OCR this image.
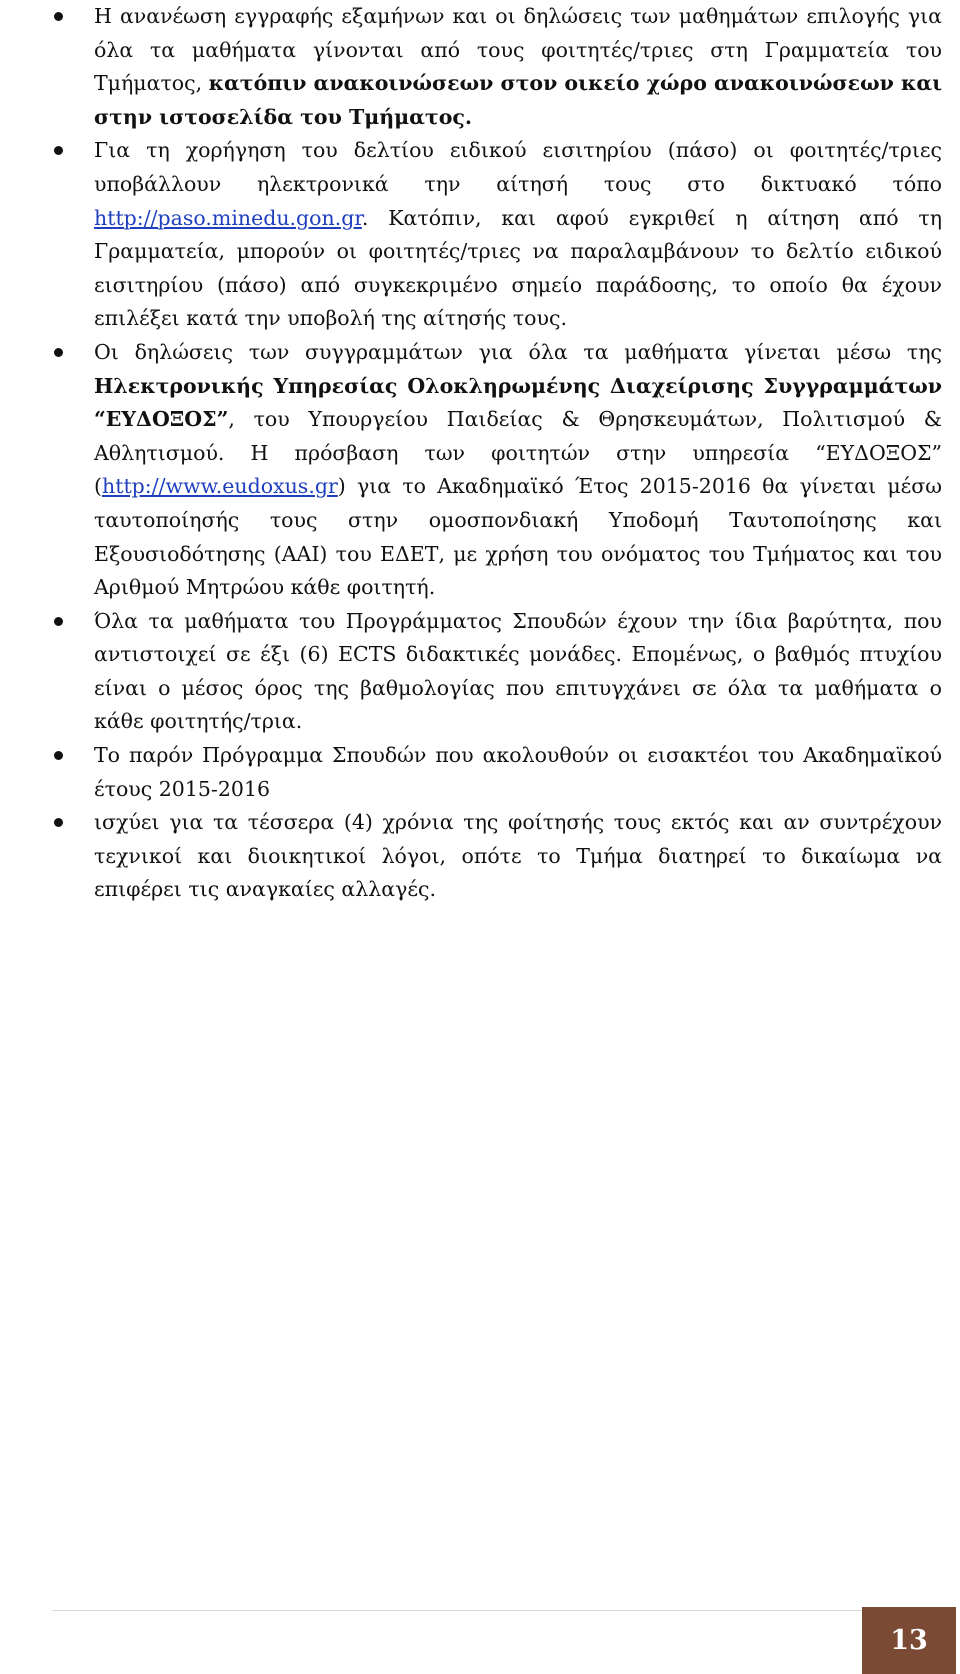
Η ανανέωση εγγραφής εξαμήνων και οι δηλώσεις των μαθημάτων επιλογής για όλα τα μαθήματα γίνονται από τους φοιτητές/τριες στη Γραμματεία του Τμήματος, κατόπιν ανακοινώσεων στον οικείο χώρο ανακοινώσεων και στην ιστοσελίδα του Τμήματος.
Για τη χορήγηση του δελτίου ειδικού εισιτηρίου (πάσο) οι φοιτητές/τριες υποβάλλουν ηλεκτρονικά την αίτησή τους στο δικτυακό τόπο http://paso.minedu.gon.gr. Κατόπιν, και αφού εγκριθεί η αίτηση από τη Γραμματεία, μπορούν οι φοιτητές/τριες να παραλαμβάνουν το δελτίο ειδικού εισιτηρίου (πάσο) από συγκεκριμένο σημείο παράδοσης, το οποίο θα έχουν επιλέξει κατά την υποβολή της αίτησής τους.
Οι δηλώσεις των συγγραμμάτων για όλα τα μαθήματα γίνεται μέσω της Ηλεκτρονικής Υπηρεσίας Ολοκληρωμένης Διαχείρισης Συγγραμμάτων “ΕΥΔΟΞΟΣ”, του Υπουργείου Παιδείας & Θρησκευμάτων, Πολιτισμού & Αθλητισμού. Η πρόσβαση των φοιτητών στην υπηρεσία “ΕΥΔΟΞΟΣ” (http://www.eudoxus.gr) για το Ακαδημαϊκό Έτος 2015-2016 θα γίνεται μέσω ταυτοποίησής τους στην ομοσπονδιακή Υποδομή Ταυτοποίησης και Εξουσιοδότησης (ΑΑΙ) του ΕΔΕΤ, με χρήση του ονόματος του Τμήματος και του Αριθμού Μητρώου κάθε φοιτητή.
Όλα τα μαθήματα του Προγράμματος Σπουδών έχουν την ίδια βαρύτητα, που αντιστοιχεί σε έξι (6) ECTS διδακτικές μονάδες. Επομένως, ο βαθμός πτυχίου είναι ο μέσος όρος της βαθμολογίας που επιτυγχάνει σε όλα τα μαθήματα ο κάθε φοιτητής/τρια.
Το παρόν Πρόγραμμα Σπουδών που ακολουθούν οι εισακτέοι του Ακαδημαϊκού έτους 2015-2016
ισχύει για τα τέσσερα (4) χρόνια της φοίτησής τους εκτός και αν συντρέχουν τεχνικοί και διοικητικοί λόγοι, οπότε το Τμήμα διατηρεί το δικαίωμα να επιφέρει τις αναγκαίες αλλαγές.
13
